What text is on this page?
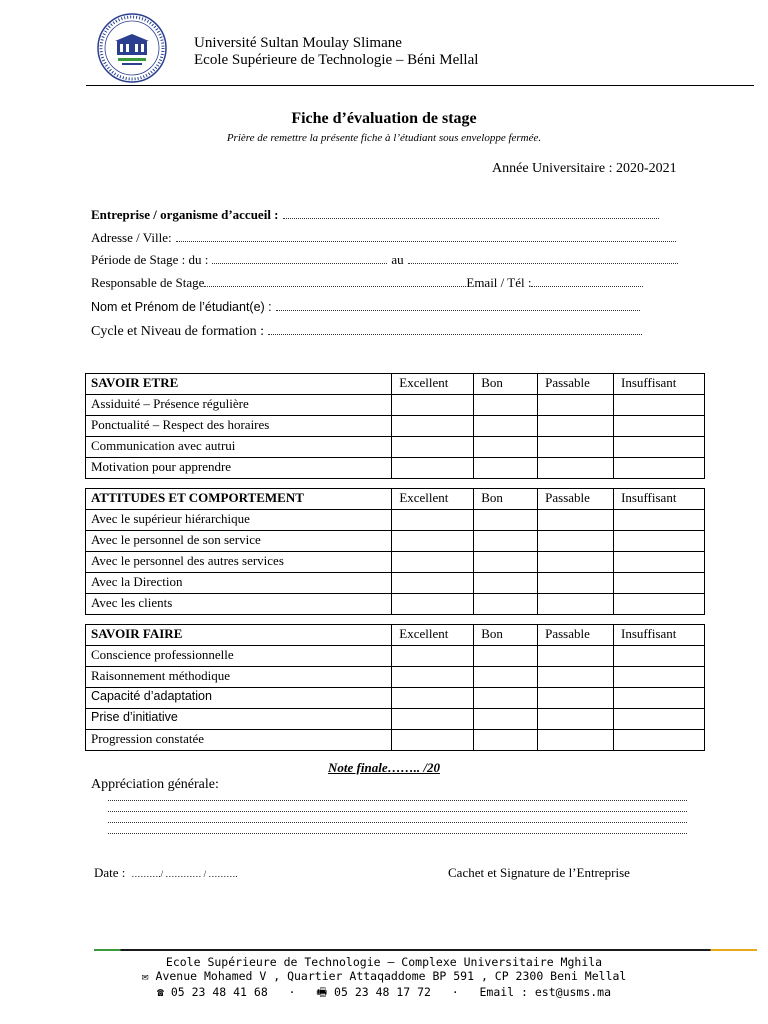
Université Sultan Moulay Slimane
Ecole Supérieure de Technologie – Béni Mellal
Fiche d’évaluation de stage
Prière de remettre la présente fiche à l’étudiant sous enveloppe fermée.
Année Universitaire : 2020-2021
Entreprise / organisme d’accueil :
Adresse / Ville:
Période de Stage : du :	au
Responsable de Stage	Email / Tél :
Nom et Prénom de l’étudiant(e) :
Cycle et Niveau de formation :
SAVOIR ETRE	Excellent	Bon	Passable	Insuffisant
Assiduité – Présence régulière				
Ponctualité – Respect des horaires				
Communication avec autrui				
Motivation pour apprendre				
ATTITUDES ET COMPORTEMENT	Excellent	Bon	Passable	Insuffisant
Avec le supérieur hiérarchique				
Avec le personnel de son service				
Avec le personnel des autres services				
Avec la Direction				
Avec les clients				
SAVOIR FAIRE	Excellent	Bon	Passable	Insuffisant
Conscience professionnelle				
Raisonnement méthodique				
Capacité d’adaptation				
Prise d’initiative				
Progression constatée				
Note finale…….. /20
Appréciation générale:
Date : ………./ ………… / ……….	Cachet et Signature de l’Entreprise
Ecole Supérieure de Technologie – Complexe Universitaire Mghila
✉ Avenue Mohamed V , Quartier Attaqaddome BP 591 , CP 2300 Beni Mellal
☎ 05 23 48 41 68   ·   🖷 05 23 48 17 72   ·   Email : est@usms.ma
